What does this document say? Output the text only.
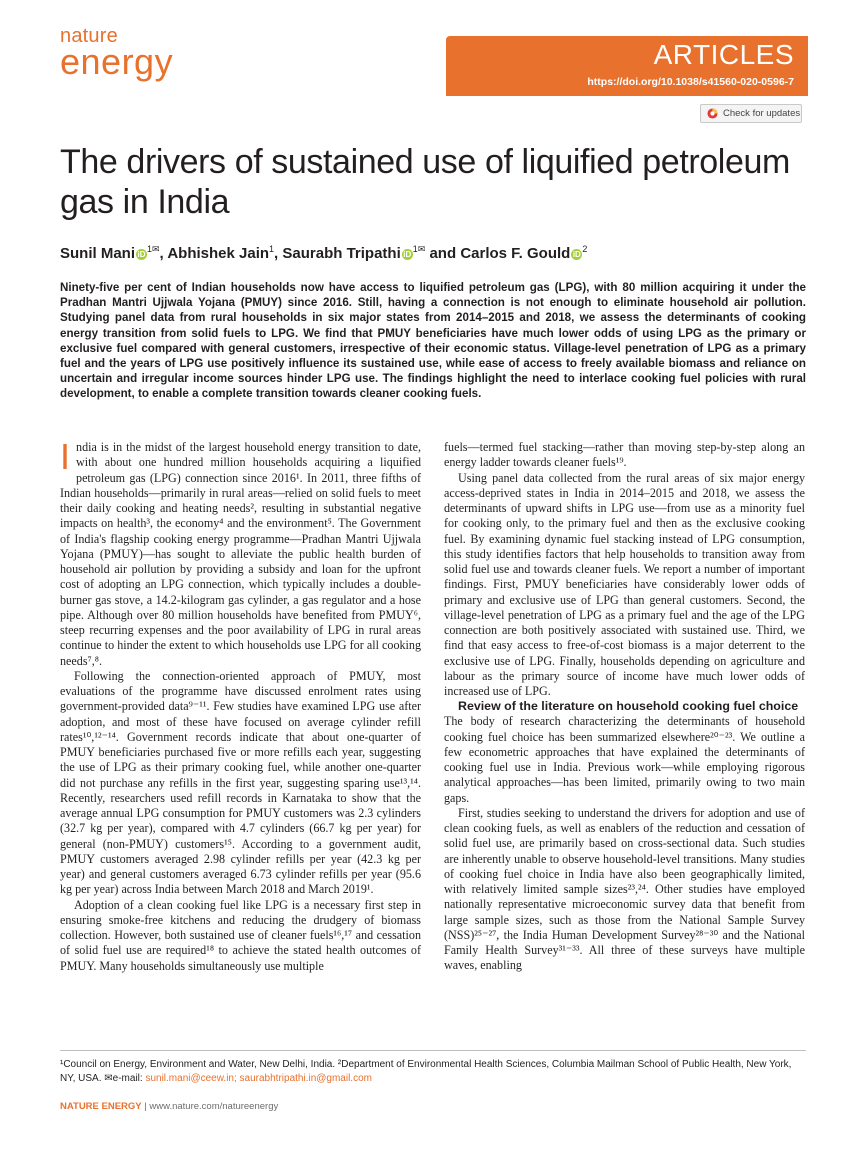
nature
energy	ARTICLES
https://doi.org/10.1038/s41560-020-0596-7
Check for updates
The drivers of sustained use of liquified petroleum gas in India
Sunil Mani $iD^{1✉}$, Abhishek Jain$^1$, Saurabh Tripathi $iD^{1✉}$ and Carlos F. Gould $iD^2$
Ninety-five per cent of Indian households now have access to liquified petroleum gas (LPG), with 80 million acquiring it under the Pradhan Mantri Ujjwala Yojana (PMUY) since 2016. Still, having a connection is not enough to eliminate household air pollution. Studying panel data from rural households in six major states from 2014–2015 and 2018, we assess the determinants of cooking energy transition from solid fuels to LPG. We find that PMUY beneficiaries have much lower odds of using LPG as the primary or exclusive fuel compared with general customers, irrespective of their economic status. Village-level penetration of LPG as a primary fuel and the years of LPG use positively influence its sustained use, while ease of access to freely available biomass and reliance on uncertain and irregular income sources hinder LPG use. The findings highlight the need to interlace cooking fuel policies with rural development, to enable a complete transition towards cleaner cooking fuels.

India is in the midst of the largest household energy transition to date, with about one hundred million households acquiring a liquified petroleum gas (LPG) connection since 2016¹. In 2011, three fifths of Indian households—primarily in rural areas—relied on solid fuels to meet their daily cooking and heating needs², resulting in substantial negative impacts on health³, the economy⁴ and the environment⁵. The Government of India's flagship cooking energy programme—Pradhan Mantri Ujjwala Yojana (PMUY)—has sought to alleviate the public health burden of household air pollution by providing a subsidy and loan for the upfront cost of adopting an LPG connection, which typically includes a double-burner gas stove, a 14.2-kilogram gas cylinder, a gas regulator and a hose pipe. Although over 80 million households have benefited from PMUY⁶, steep recurring expenses and the poor availability of LPG in rural areas continue to hinder the extent to which households use LPG for all cooking needs⁷,⁸.

Following the connection-oriented approach of PMUY, most evaluations of the programme have discussed enrolment rates using government-provided data⁹⁻¹¹. Few studies have examined LPG use after adoption, and most of these have focused on average cylinder refill rates¹⁰,¹²⁻¹⁴. Government records indicate that about one-quarter of PMUY beneficiaries purchased five or more refills each year, suggesting the use of LPG as their primary cooking fuel, while another one-quarter did not purchase any refills in the first year, suggesting sparing use¹³,¹⁴. Recently, researchers used refill records in Karnataka to show that the average annual LPG consumption for PMUY customers was 2.3 cylinders (32.7 kg per year), compared with 4.7 cylinders (66.7 kg per year) for general (non-PMUY) customers¹⁵. According to a government audit, PMUY customers averaged 2.98 cylinder refills per year (42.3 kg per year) and general customers averaged 6.73 cylinder refills per year (95.6 kg per year) across India between March 2018 and March 2019¹.

Adoption of a clean cooking fuel like LPG is a necessary first step in ensuring smoke-free kitchens and reducing the drudgery of biomass collection. However, both sustained use of cleaner fuels¹⁶,¹⁷ and cessation of solid fuel use are required¹⁸ to achieve the stated health outcomes of PMUY. Many households simultaneously use multiple

fuels—termed fuel stacking—rather than moving step-by-step along an energy ladder towards cleaner fuels¹⁹.

Using panel data collected from the rural areas of six major energy access-deprived states in India in 2014–2015 and 2018, we assess the determinants of upward shifts in LPG use—from use as a minority fuel for cooking only, to the primary fuel and then as the exclusive cooking fuel. By examining dynamic fuel stacking instead of LPG consumption, this study identifies factors that help households to transition away from solid fuel use and towards cleaner fuels. We report a number of important findings. First, PMUY beneficiaries have considerably lower odds of primary and exclusive use of LPG than general customers. Second, the village-level penetration of LPG as a primary fuel and the age of the LPG connection are both positively associated with sustained use. Third, we find that easy access to free-of-cost biomass is a major deterrent to the exclusive use of LPG. Finally, households depending on agriculture and labour as the primary source of income have much lower odds of increased use of LPG.

Review of the literature on household cooking fuel choice

The body of research characterizing the determinants of household cooking fuel choice has been summarized elsewhere²⁰⁻²³. We outline a few econometric approaches that have explained the determinants of cooking fuel use in India. Previous work—while employing rigorous analytical approaches—has been limited, primarily owing to two main gaps.

First, studies seeking to understand the drivers for adoption and use of clean cooking fuels, as well as enablers of the reduction and cessation of solid fuel use, are primarily based on cross-sectional data. Such studies are inherently unable to observe household-level transitions. Many studies of cooking fuel choice in India have also been geographically limited, with relatively limited sample sizes²³,²⁴. Other studies have employed nationally representative microeconomic survey data that benefit from large sample sizes, such as those from the National Sample Survey (NSS)²⁵⁻²⁷, the India Human Development Survey²⁸⁻³⁰ and the National Family Health Survey³¹⁻³³. All three of these surveys have multiple waves, enabling

¹Council on Energy, Environment and Water, New Delhi, India. ²Department of Environmental Health Sciences, Columbia Mailman School of Public Health, New York, NY, USA. ✉e-mail: sunil.mani@ceew.in; saurabhtripathi.in@gmail.com
NATURE ENERGY | www.nature.com/natureenergy
